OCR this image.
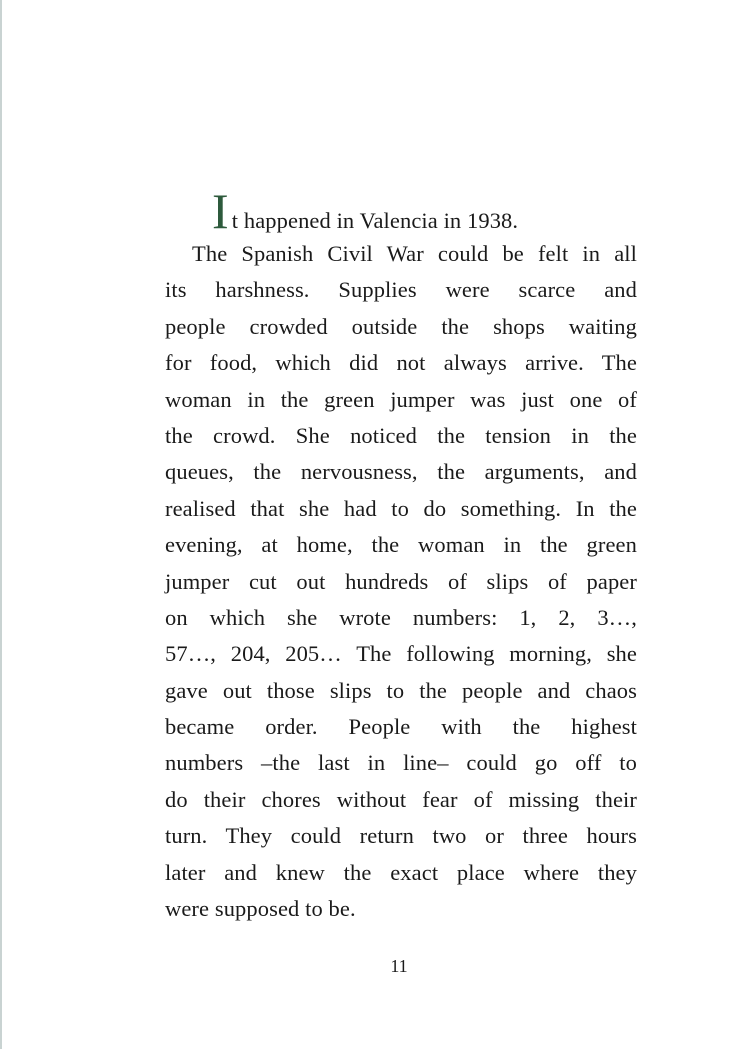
I t happened in Valencia in 1938.
The Spanish Civil War could be felt in all
its harshness. Supplies were scarce and
people crowded outside the shops waiting
for food, which did not always arrive. The
woman in the green jumper was just one of
the crowd. She noticed the tension in the
queues, the nervousness, the arguments, and
realised that she had to do something. In the
evening, at home, the woman in the green
jumper cut out hundreds of slips of paper
on which she wrote numbers: 1, 2, 3…,
57…, 204, 205… The following morning, she
gave out those slips to the people and chaos
became order. People with the highest
numbers –the last in line– could go off to
do their chores without fear of missing their
turn. They could return two or three hours
later and knew the exact place where they
were supposed to be.
11
